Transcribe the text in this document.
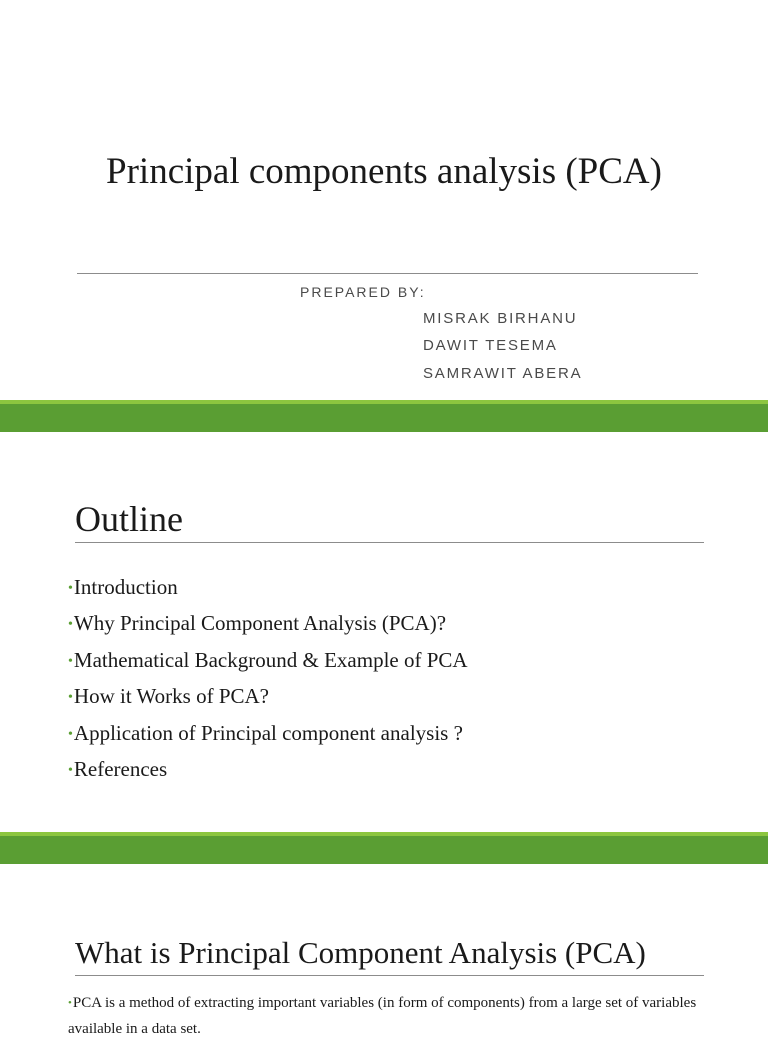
Principal components analysis (PCA)
PREPARED BY:
MISRAK BIRHANU
DAWIT TESEMA
SAMRAWIT ABERA
Outline
•Introduction
•Why Principal Component Analysis (PCA)?
•Mathematical Background & Example of PCA
•How it Works of PCA?
•Application of Principal component analysis ?
•References
What is Principal Component Analysis (PCA)

•PCA is a method of extracting important variables (in form of components) from a large set of variables available in a data set.
